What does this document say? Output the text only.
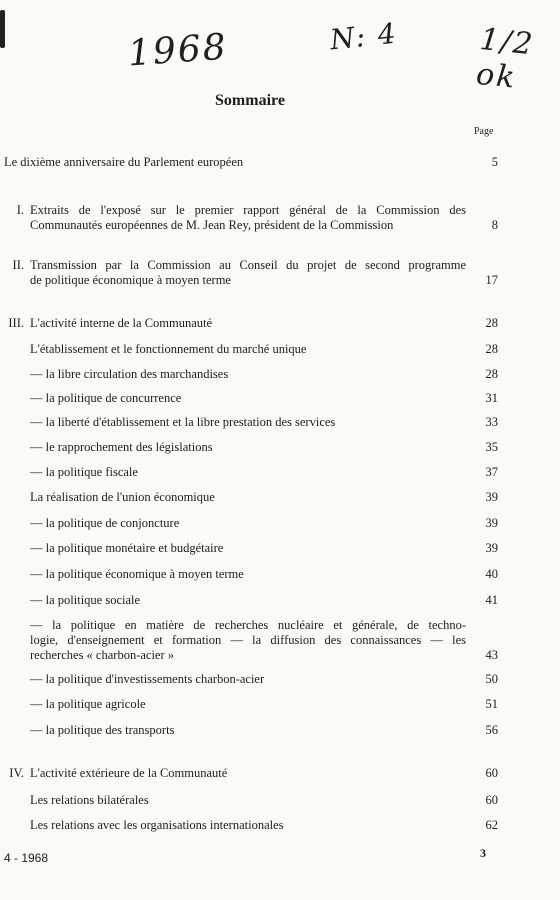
1968	N: 4	1/2 ok
Sommaire
Page
Le dixième anniversaire du Parlement européen	5
I. Extraits de l'exposé sur le premier rapport général de la Commission des
Communautés européennes de M. Jean Rey, président de la Commission	8
II. Transmission par la Commission au Conseil du projet de second programme
de politique économique à moyen terme	17
III. L'activité interne de la Communauté	28
L'établissement et le fonctionnement du marché unique	28
— la libre circulation des marchandises	28
— la politique de concurrence	31
— la liberté d'établissement et la libre prestation des services	33
— le rapprochement des législations	35
— la politique fiscale	37
La réalisation de l'union économique	39
— la politique de conjoncture	39
— la politique monétaire et budgétaire	39
— la politique économique à moyen terme	40
— la politique sociale	41
— la politique en matière de recherches nucléaire et générale, de techno-
logie, d'enseignement et formation — la diffusion des connaissances — les
recherches « charbon-acier »	43
— la politique d'investissements charbon-acier	50
— la politique agricole	51
— la politique des transports	56
IV. L'activité extérieure de la Communauté	60
Les relations bilatérales	60
Les relations avec les organisations internationales	62
4 - 1968	3
